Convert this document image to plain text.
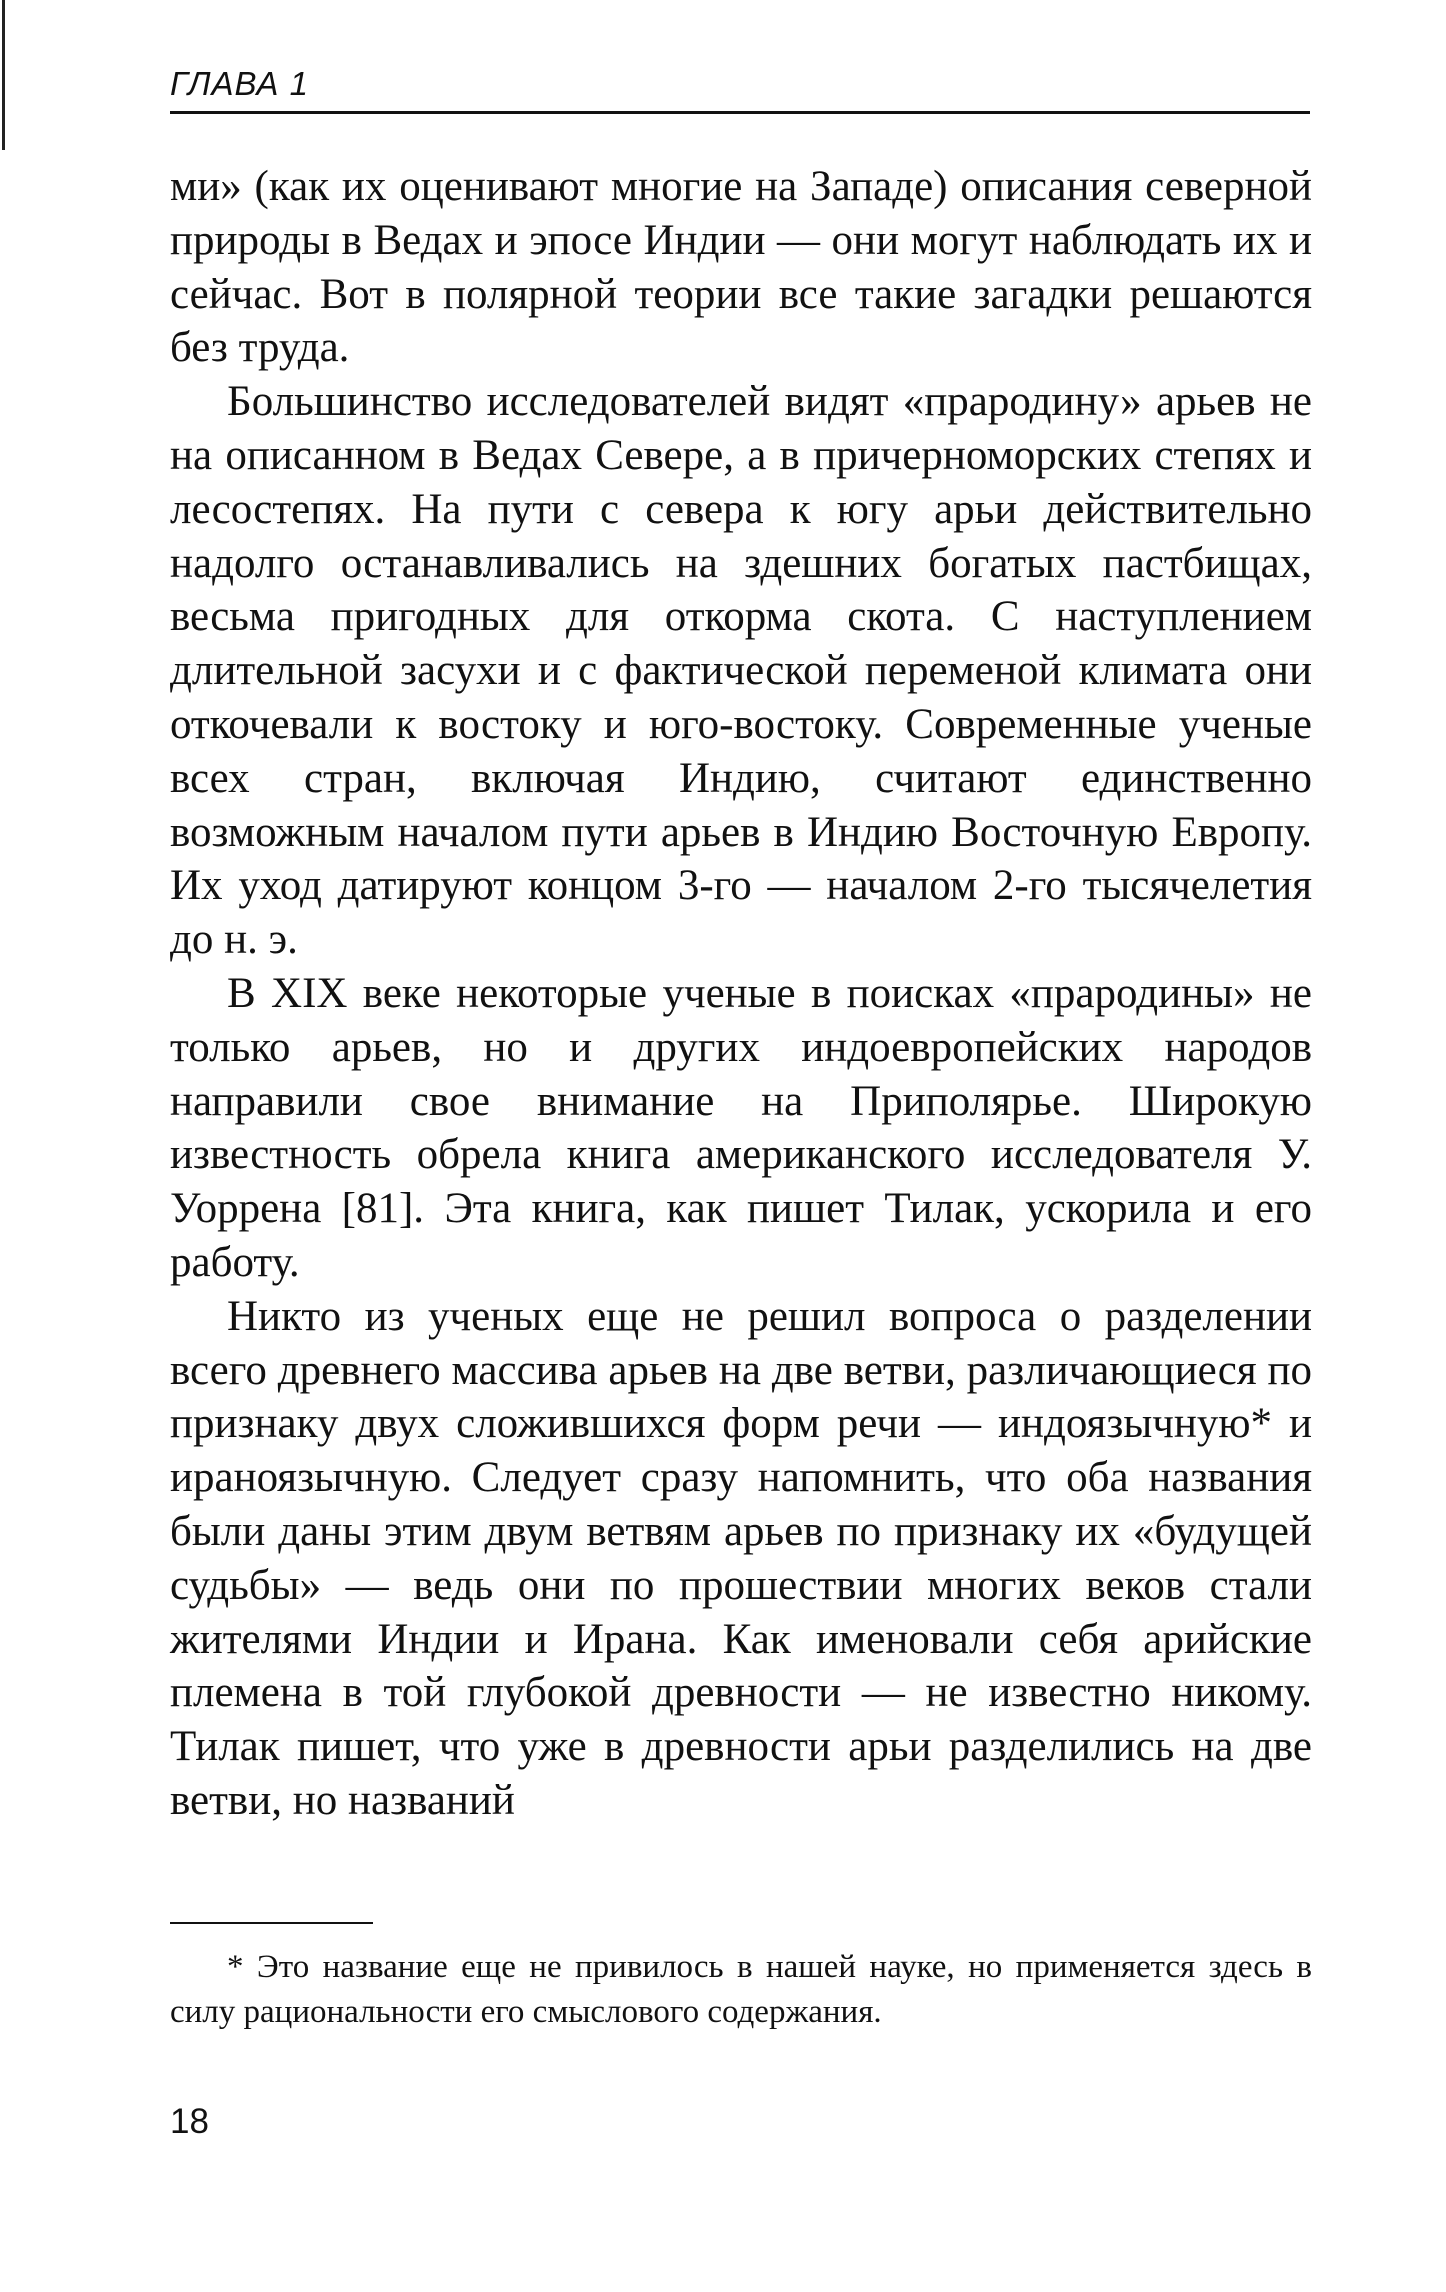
ГЛАВА 1

ми» (как их оценивают многие на Западе) описания северной природы в Ведах и эпосе Индии — они могут наблюдать их и сейчас. Вот в полярной теории все такие загадки решаются без труда.

Большинство исследователей видят «прародину» арьев не на описанном в Ведах Севере, а в причерноморских степях и лесостепях. На пути с севера к югу арьи действительно надолго останавливались на здешних богатых пастбищах, весьма пригодных для откорма скота. С наступлением длительной засухи и с фактической переменой климата они откочевали к востоку и юго-востоку. Современные ученые всех стран, включая Индию, считают единственно возможным началом пути арьев в Индию Восточную Европу. Их уход датируют концом 3-го — началом 2-го тысячелетия до н. э.

В XIX веке некоторые ученые в поисках «прародины» не только арьев, но и других индоевропейских народов направили свое внимание на Приполярье. Широкую известность обрела книга американского исследователя У. Уоррена [81]. Эта книга, как пишет Тилак, ускорила и его работу.

Никто из ученых еще не решил вопроса о разделении всего древнего массива арьев на две ветви, различающиеся по признаку двух сложившихся форм речи — индоязычную* и ираноязычную. Следует сразу напомнить, что оба названия были даны этим двум ветвям арьев по признаку их «будущей судьбы» — ведь они по прошествии многих веков стали жителями Индии и Ирана. Как именовали себя арийские племена в той глубокой древности — не известно никому. Тилак пишет, что уже в древности арьи разделились на две ветви, но названий

* Это название еще не привилось в нашей науке, но применяется здесь в силу рациональности его смыслового содержания.
18
